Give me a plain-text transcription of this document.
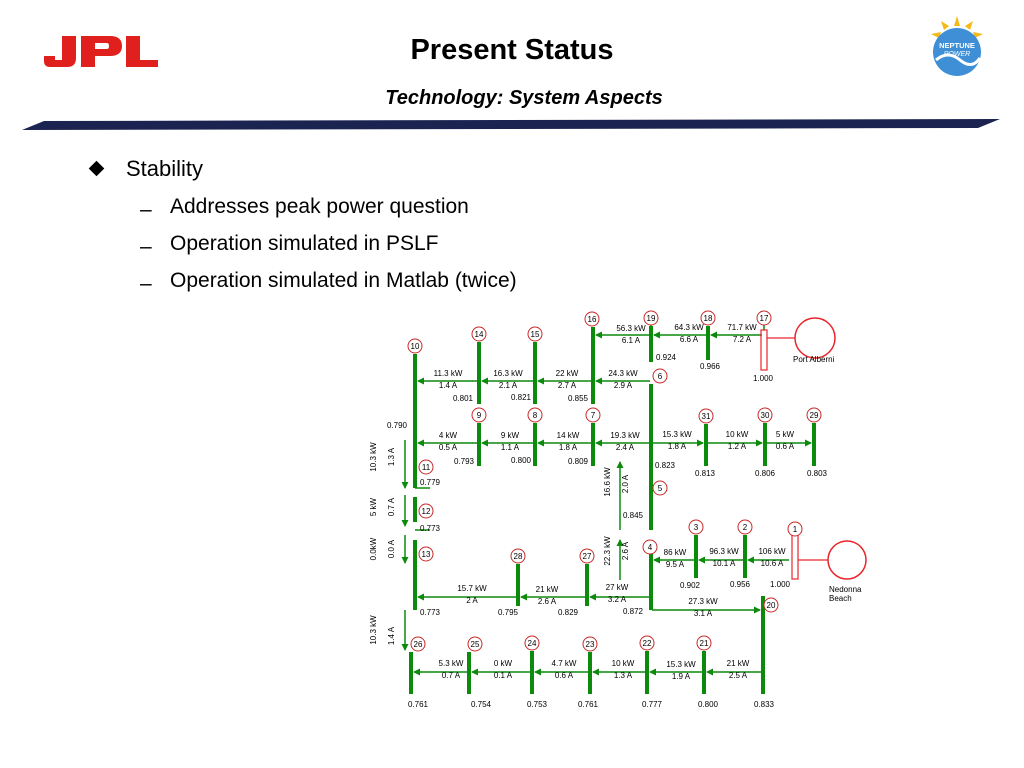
Present Status
Technology: System Aspects
NEPTUNE
POWER
Stability
– Addresses peak power question
– Operation simulated in PSLF
– Operation simulated in Matlab (twice)
19
16	18	17
14	15
10
6
9	8	7	31	30	29
11
5
12
3	2	1
4
13	28	27
20
26	25	24	23	22	21
56.3 kW
6.1 A
64.3 kW
6.6 A
71.7 kW
7.2 A
11.3 kW
1.4 A
16.3 kW
2.1 A
22 kW
2.7 A
24.3 kW
2.9 A
4 kW
0.5 A
9 kW
1.1 A
14 kW
1.8 A
19.3 kW
2.4 A
15.3 kW
1.8 A
10 kW
1.2 A
5 kW
0.6 A
86 kW
9.5 A
96.3 kW
10.1 A
106 kW
10.6 A
15.7 kW
2 A
21 kW
2.6 A
27 kW
3.2 A	27.3 kW
3.1 A
5.3 kW
0.7 A
0 kW
0.1 A
4.7 kW
0.6 A
10 kW
1.3 A
15.3 kW
1.9 A
21 kW
2.5 A
0.924
0.966
1.000
0.801	0.821	0.855
0.790
0.793	0.800	0.809	0.823
0.813	0.806	0.803
0.779
0.845
0.773
0.902	0.956 1.000
0.773	0.795	0.829	0.872
0.761	0.754	0.753	0.761	0.777	0.800	0.833
10.3 kW 1.3 A
5 kW 0.7 A
0.0kW 0.0 A
10.3 kW 1.4 A
16.6 kW 2.0 A
22.3 kW 2.6 A
Port Alberni
Nedonna
Beach
